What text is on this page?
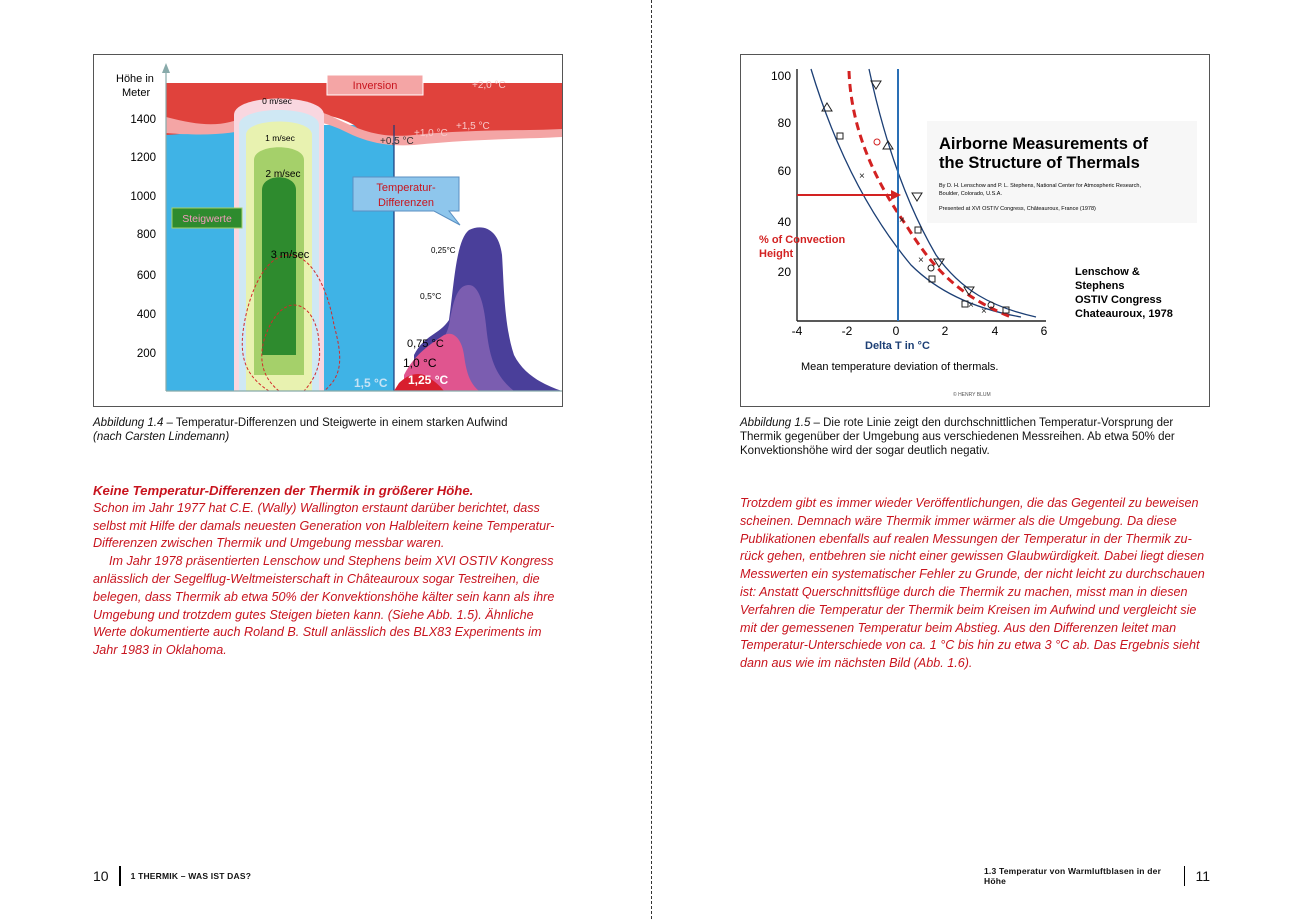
Höhe in
Meter
1400
1200
1000
800
600
400
200
Inversion
0 m/sec
1 m/sec
2 m/sec
3 m/sec
+2,0 °C
+1,5 °C
+1,0 °C
+0,5 °C
Temperatur-
Differenzen
Steigwerte
0,25°C
0,5°C
0,75 °C
1,0 °C
1,5 °C 1,25 °C
Abbildung 1.4 – Temperatur-Differenzen und Steigwerte in einem starken Aufwind
(nach Carsten Lindemann)

Keine Temperatur-Differenzen der Thermik in größerer Höhe.

Schon im Jahr 1977 hat C.E. (Wally) Wallington erstaunt darüber berichtet, dass selbst mit Hilfe der damals neuesten Generation von Halbleitern keine Temperatur-Differenzen zwischen Thermik und Umgebung messbar waren.

Im Jahr 1978 präsentierten Lenschow und Stephens beim XVI OSTIV Kongress anlässlich der Segelflug-Weltmeisterschaft in Châteauroux sogar Testreihen, die belegen, dass Thermik ab etwa 50% der Konvektionshöhe kälter sein kann als ihre Umgebung und trotzdem gutes Steigen bieten kann. (Siehe Abb. 1.5). Ähnliche Werte dokumentierte auch Roland B. Stull anlässlich des BLX83 Experiments im Jahr 1983 in Oklahoma.

10	1 THERMIK – WAS IST DAS?
100
80
60
40
20
-4	-2	0	2	4	6
×
×
×
×
×
Airborne Measurements of
the Structure of Thermals
By D. H. Lenschow and P. L. Stephens, National Center for Atmospheric Research,
Boulder, Colorado, U.S.A.
Presented at XVI OSTIV Congress, Châteauroux, France (1978)
% of Convection
Height
Delta T in °C
Mean temperature deviation of thermals.
© HENRY BLUM
Lenschow &
Stephens
OSTIV Congress
Chateauroux, 1978
Abbildung 1.5 – Die rote Linie zeigt den durchschnittlichen Temperatur-Vorsprung der Thermik gegenüber der Umgebung aus verschiedenen Messreihen. Ab etwa 50% der Konvektionshöhe wird der sogar deutlich negativ.

Trotzdem gibt es immer wieder Veröffentlichungen, die das Gegenteil zu beweisen scheinen. Demnach wäre Thermik immer wärmer als die Umgebung. Da diese Publikationen ebenfalls auf realen Messungen der Temperatur in der Thermik zu-rück gehen, entbehren sie nicht einer gewissen Glaubwürdigkeit. Dabei liegt diesen Messwerten ein systematischer Fehler zu Grunde, der nicht leicht zu durchschauen ist: Anstatt Querschnittsflüge durch die Thermik zu machen, misst man in diesen Verfahren die Temperatur der Thermik beim Kreisen im Aufwind und vergleicht sie mit der gemessenen Temperatur beim Abstieg. Aus den Differenzen leitet man Temperatur-Unterschiede von ca. 1 °C bis hin zu etwa 3 °C ab. Das Ergebnis sieht dann aus wie im nächsten Bild (Abb. 1.6).

1.3 Temperatur von Warmluftblasen in der Höhe	11
